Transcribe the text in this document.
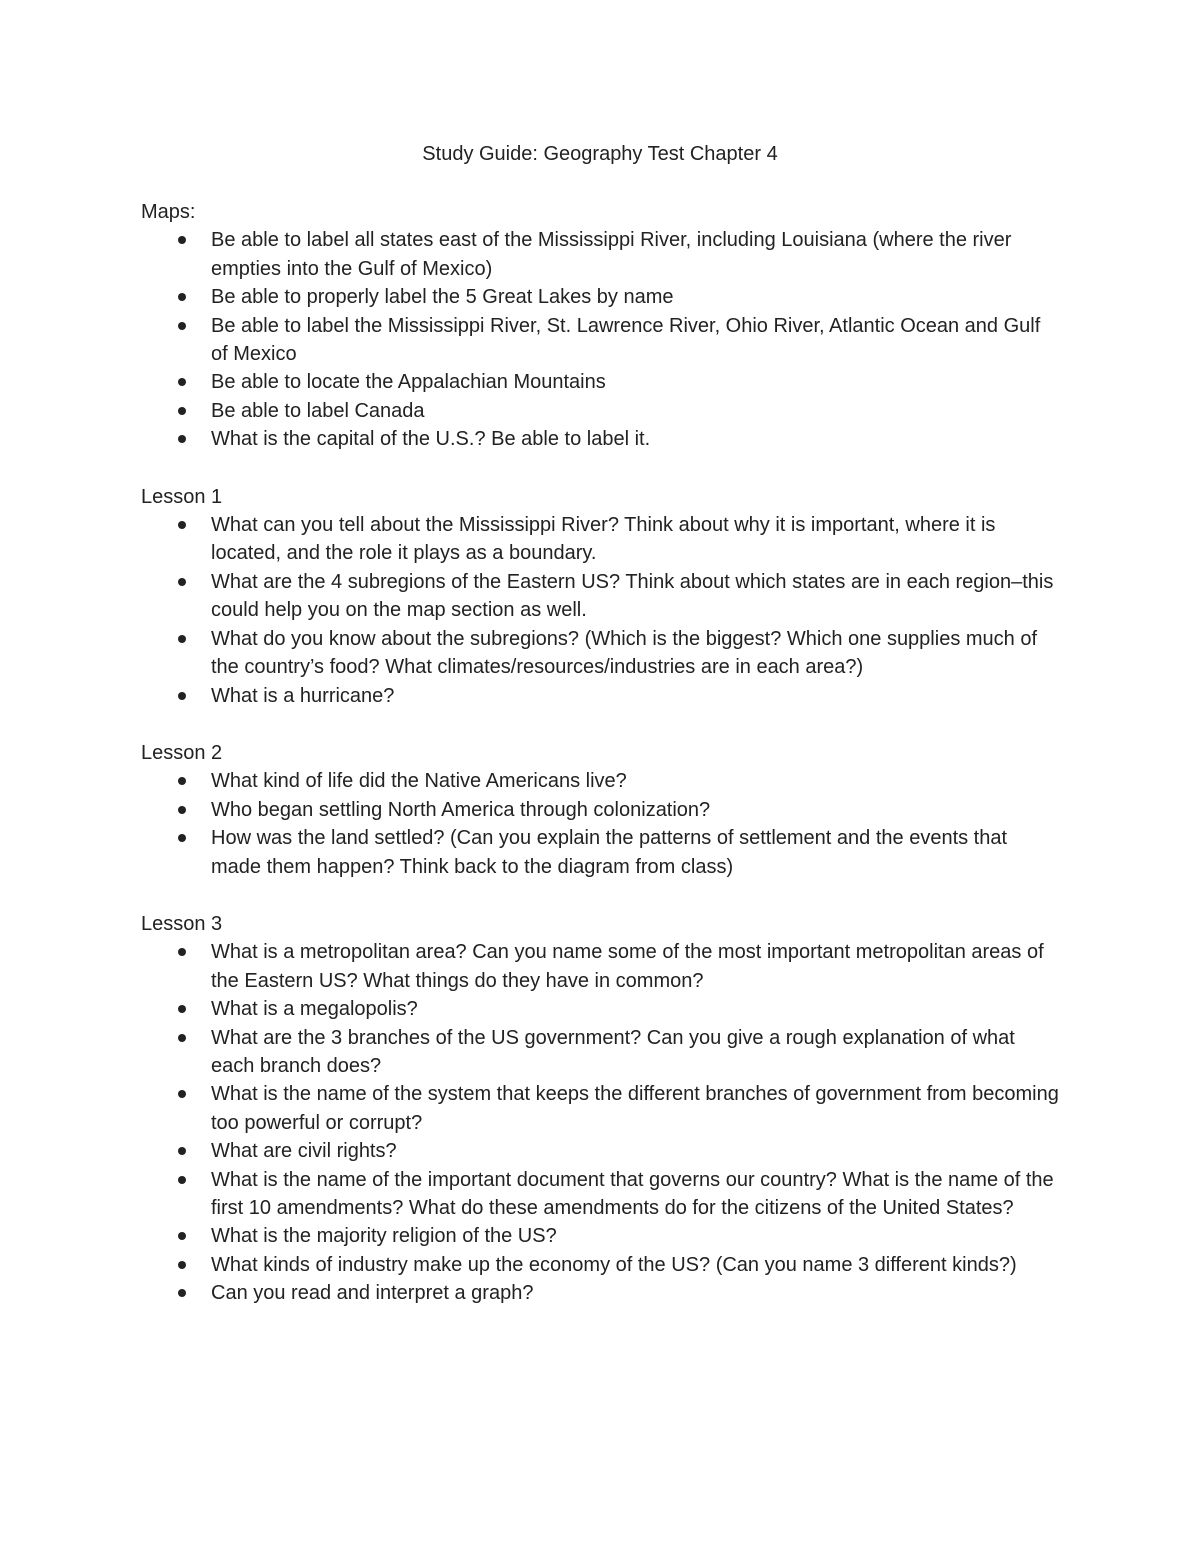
Study Guide: Geography Test Chapter 4

Maps:

Be able to label all states east of the Mississippi River, including Louisiana (where the river empties into the Gulf of Mexico)
Be able to properly label the 5 Great Lakes by name
Be able to label the Mississippi River, St. Lawrence River, Ohio River, Atlantic Ocean and Gulf of Mexico
Be able to locate the Appalachian Mountains
Be able to label Canada
What is the capital of the U.S.? Be able to label it.

Lesson 1

What can you tell about the Mississippi River? Think about why it is important, where it is located, and the role it plays as a boundary.
What are the 4 subregions of the Eastern US? Think about which states are in each region–this could help you on the map section as well.
What do you know about the subregions? (Which is the biggest? Which one supplies much of the country’s food? What climates/resources/industries are in each area?)
What is a hurricane?

Lesson 2

What kind of life did the Native Americans live?
Who began settling North America through colonization?
How was the land settled? (Can you explain the patterns of settlement and the events that made them happen? Think back to the diagram from class)

Lesson 3

What is a metropolitan area? Can you name some of the most important metropolitan areas of the Eastern US? What things do they have in common?
What is a megalopolis?
What are the 3 branches of the US government? Can you give a rough explanation of what each branch does?
What is the name of the system that keeps the different branches of government from becoming too powerful or corrupt?
What are civil rights?
What is the name of the important document that governs our country? What is the name of the first 10 amendments? What do these amendments do for the citizens of the United States?
What is the majority religion of the US?
What kinds of industry make up the economy of the US? (Can you name 3 different kinds?)
Can you read and interpret a graph?
